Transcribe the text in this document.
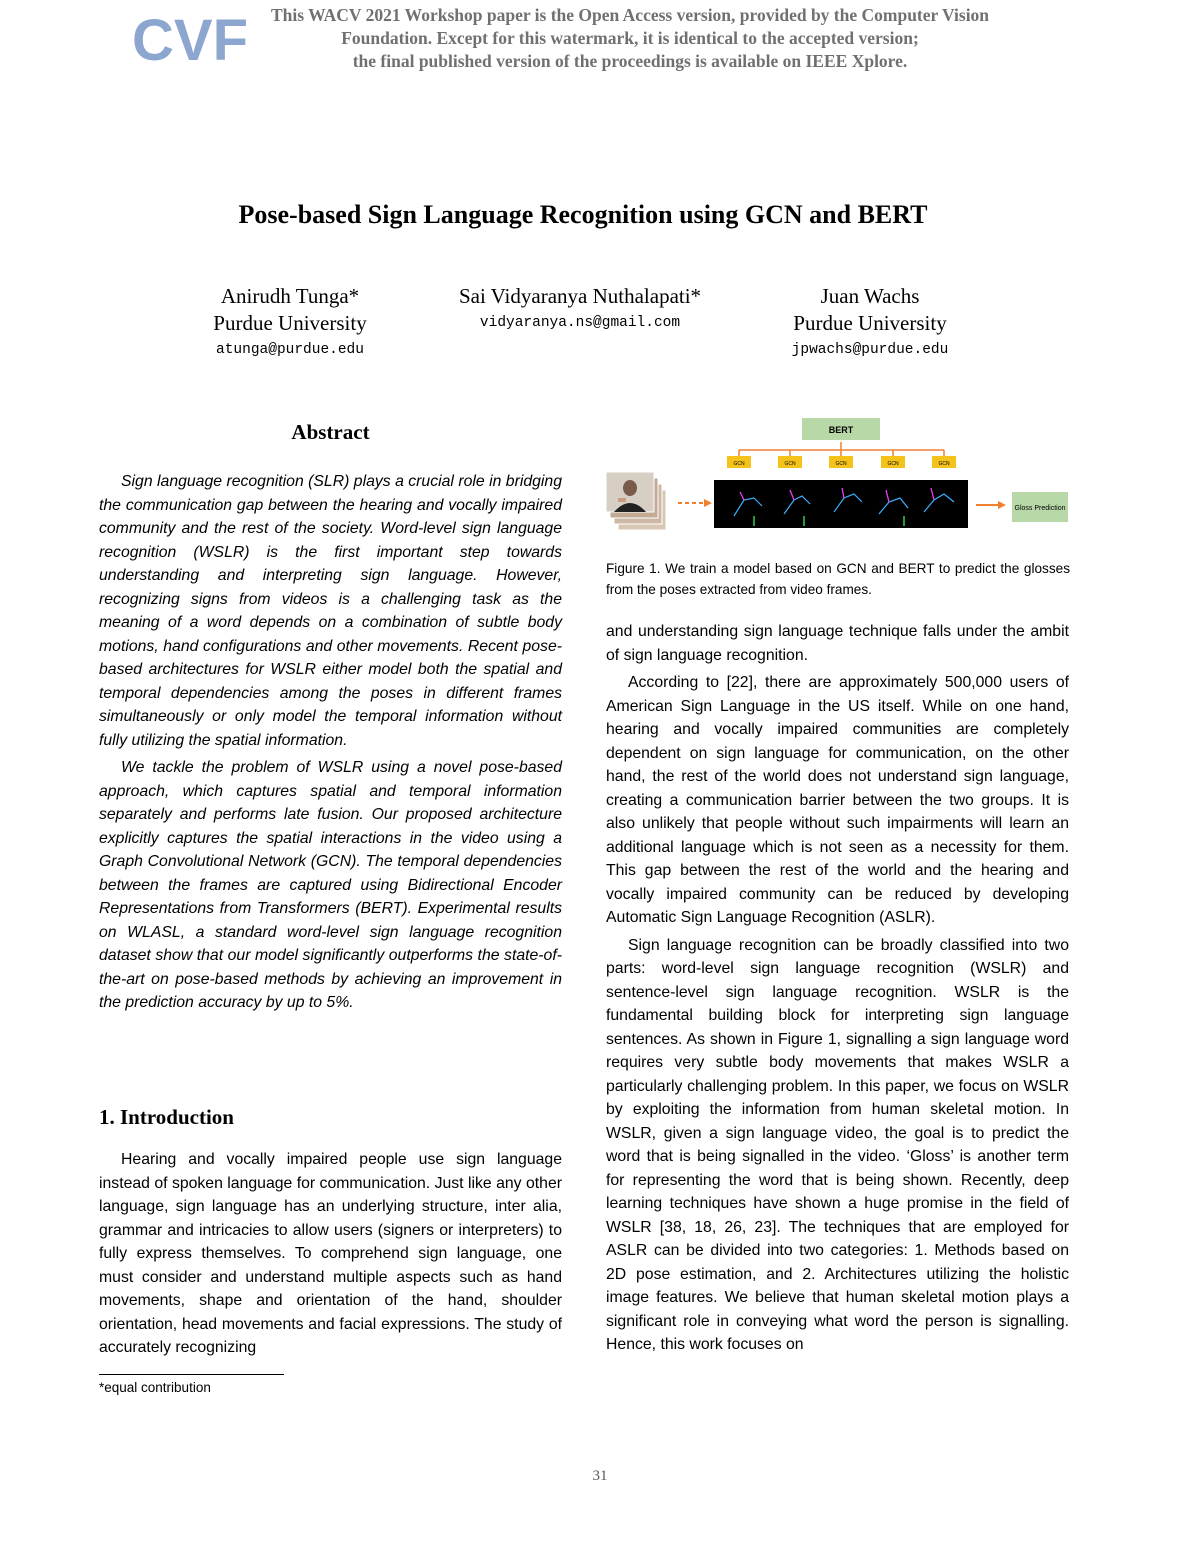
CVF	This WACV 2021 Workshop paper is the Open Access version, provided by the Computer Vision
Foundation. Except for this watermark, it is identical to the accepted version;
the final published version of the proceedings is available on IEEE Xplore.
Pose-based Sign Language Recognition using GCN and BERT
Anirudh Tunga*
Purdue University
atunga@purdue.edu
Sai Vidyaranya Nuthalapati*
vidyaranya.ns@gmail.com
Juan Wachs
Purdue University
jpwachs@purdue.edu
Abstract

Sign language recognition (SLR) plays a crucial role in bridging the communication gap between the hearing and vocally impaired community and the rest of the society. Word-level sign language recognition (WSLR) is the first important step towards understanding and interpreting sign language. However, recognizing signs from videos is a challenging task as the meaning of a word depends on a combination of subtle body motions, hand configurations and other movements. Recent pose-based architectures for WSLR either model both the spatial and temporal dependencies among the poses in different frames simultaneously or only model the temporal information without fully utilizing the spatial information.

We tackle the problem of WSLR using a novel pose-based approach, which captures spatial and temporal information separately and performs late fusion. Our proposed architecture explicitly captures the spatial interactions in the video using a Graph Convolutional Network (GCN). The temporal dependencies between the frames are captured using Bidirectional Encoder Representations from Transformers (BERT). Experimental results on WLASL, a standard word-level sign language recognition dataset show that our model significantly outperforms the state-of-the-art on pose-based methods by achieving an improvement in the prediction accuracy by up to 5%.

1. Introduction

Hearing and vocally impaired people use sign language instead of spoken language for communication. Just like any other language, sign language has an underlying structure, inter alia, grammar and intricacies to allow users (signers or interpreters) to fully express themselves. To comprehend sign language, one must consider and understand multiple aspects such as hand movements, shape and orientation of the hand, shoulder orientation, head movements and facial expressions. The study of accurately recognizing

*equal contribution
BERT
GCN	GCN	GCN	GCN	GCN
Gloss Prediction
Figure 1. We train a model based on GCN and BERT to predict the glosses from the poses extracted from video frames.

and understanding sign language technique falls under the ambit of sign language recognition.

According to [22], there are approximately 500,000 users of American Sign Language in the US itself. While on one hand, hearing and vocally impaired communities are completely dependent on sign language for communication, on the other hand, the rest of the world does not understand sign language, creating a communication barrier between the two groups. It is also unlikely that people without such impairments will learn an additional language which is not seen as a necessity for them. This gap between the rest of the world and the hearing and vocally impaired community can be reduced by developing Automatic Sign Language Recognition (ASLR).

Sign language recognition can be broadly classified into two parts: word-level sign language recognition (WSLR) and sentence-level sign language recognition. WSLR is the fundamental building block for interpreting sign language sentences. As shown in Figure 1, signalling a sign language word requires very subtle body movements that makes WSLR a particularly challenging problem. In this paper, we focus on WSLR by exploiting the information from human skeletal motion. In WSLR, given a sign language video, the goal is to predict the word that is being signalled in the video. ‘Gloss’ is another term for representing the word that is being shown. Recently, deep learning techniques have shown a huge promise in the field of WSLR [38, 18, 26, 23]. The techniques that are employed for ASLR can be divided into two categories: 1. Methods based on 2D pose estimation, and 2. Architectures utilizing the holistic image features. We believe that human skeletal motion plays a significant role in conveying what word the person is signalling. Hence, this work focuses on

31
